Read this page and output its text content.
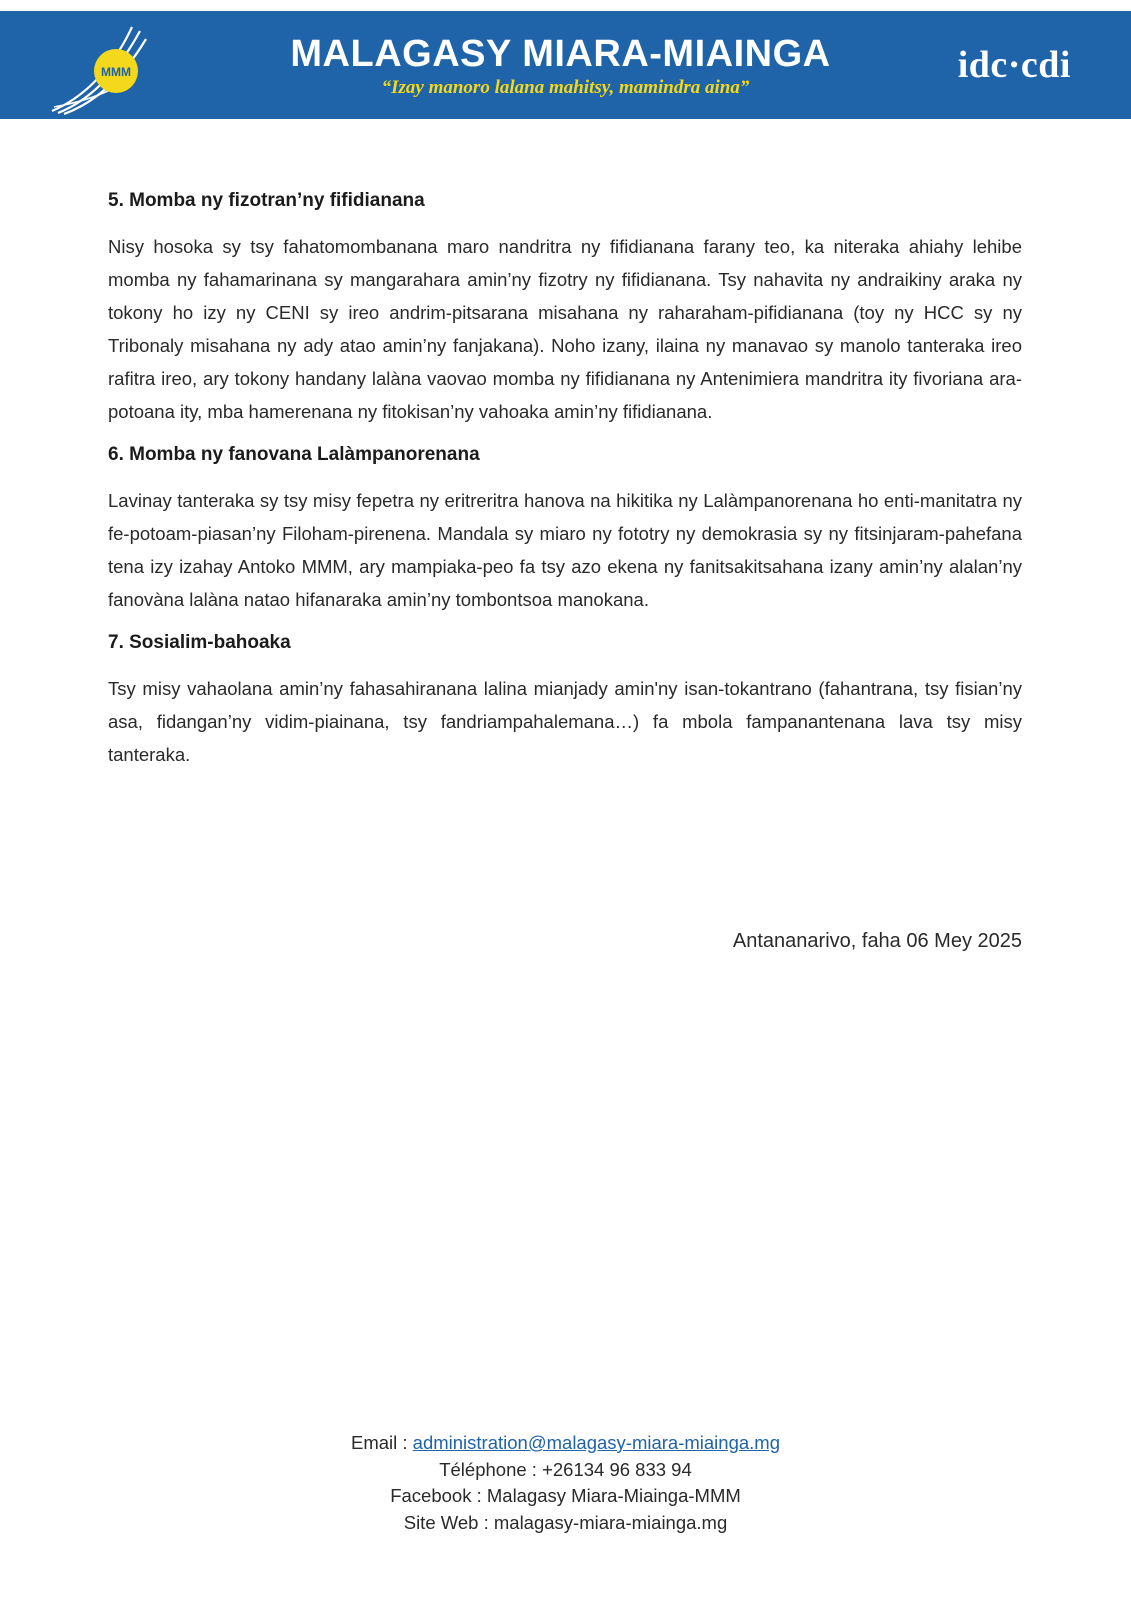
MMM	MALAGASY MIARA-MIAINGA
“Izay manoro lalana mahitsy, mamindra aina”
idc·cdi
5. Momba ny fizotran’ny fifidianana

Nisy hosoka sy tsy fahatomombanana maro nandritra ny fifidianana farany teo, ka niteraka ahiahy lehibe momba ny fahamarinana sy mangarahara amin’ny fizotry ny fifidianana. Tsy nahavita ny andraikiny araka ny tokony ho izy ny CENI sy ireo andrim-pitsarana misahana ny raharaham-pifidianana (toy ny HCC sy ny Tribonaly misahana ny ady atao amin’ny fanjakana). Noho izany, ilaina ny manavao sy manolo tanteraka ireo rafitra ireo, ary tokony handany lalàna vaovao momba ny fifidianana ny Antenimiera mandritra ity fivoriana ara-potoana ity, mba hamerenana ny fitokisan’ny vahoaka amin’ny fifidianana.

6. Momba ny fanovana Lalàmpanorenana

Lavinay tanteraka sy tsy misy fepetra ny eritreritra hanova na hikitika ny Lalàmpanorenana ho enti-manitatra ny fe-potoam-piasan’ny Filoham-pirenena. Mandala sy miaro ny fototry ny demokrasia sy ny fitsinjaram-pahefana tena izy izahay Antoko MMM, ary mampiaka-peo fa tsy azo ekena ny fanitsakitsahana izany amin’ny alalan’ny fanovàna lalàna natao hifanaraka amin’ny tombontsoa manokana.

7. Sosialim-bahoaka

Tsy misy vahaolana amin’ny fahasahiranana lalina mianjady amin'ny isan-tokantrano (fahantrana, tsy fisian’ny asa, fidangan’ny vidim-piainana, tsy fandriampahalemana…) fa mbola fampanantenana lava tsy misy tanteraka.

Antananarivo, faha 06 Mey 2025
Email : administration@malagasy-miara-miainga.mg
Téléphone : +26134 96 833 94
Facebook : Malagasy Miara-Miainga-MMM
Site Web : malagasy-miara-miainga.mg
